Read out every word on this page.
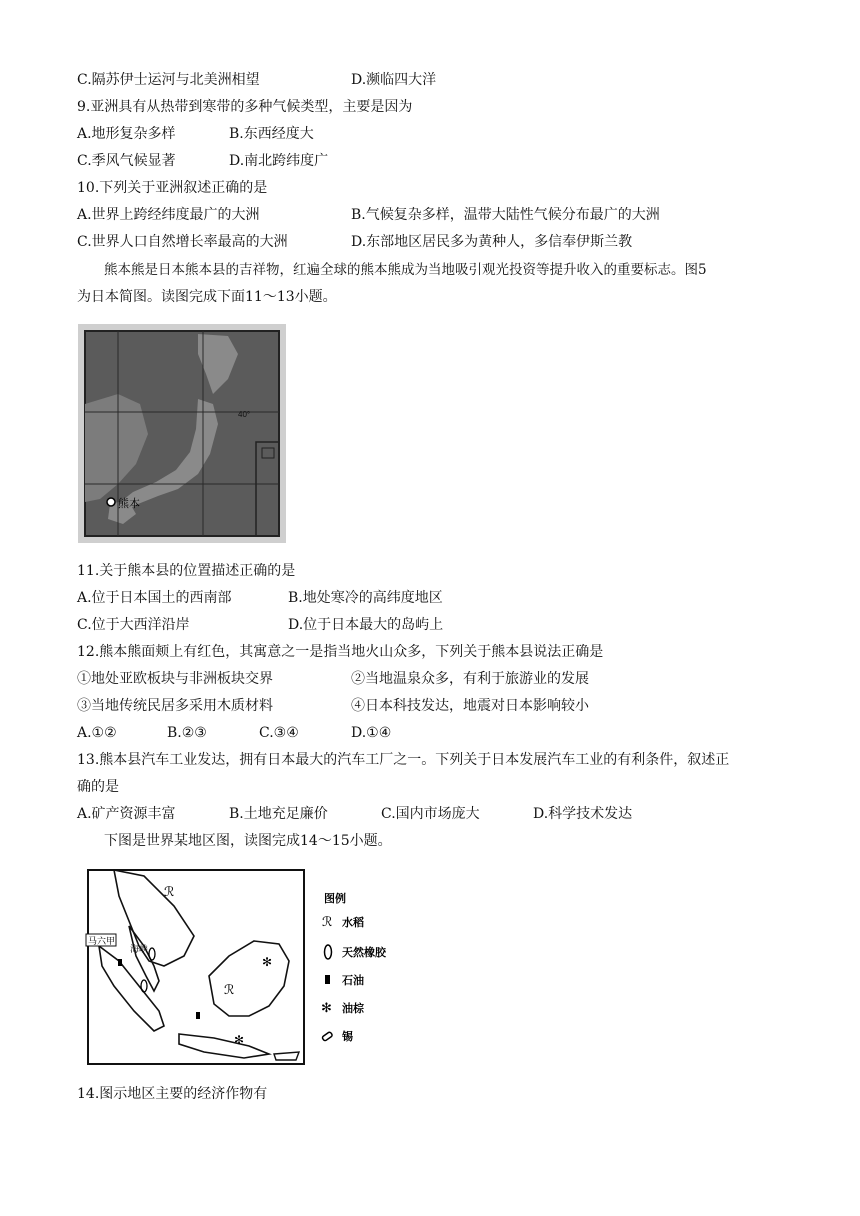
C.隔苏伊士运河与北美洲相望	D.濒临四大洋
9.亚洲具有从热带到寒带的多种气候类型，主要是因为
A.地形复杂多样	B.东西经度大
C.季风气候显著	D.南北跨纬度广
10.下列关于亚洲叙述正确的是
A.世界上跨经纬度最广的大洲	B.气候复杂多样，温带大陆性气候分布最广的大洲
C.世界人口自然增长率最高的大洲	D.东部地区居民多为黄种人，多信奉伊斯兰教
熊本熊是日本熊本县的吉祥物，红遍全球的熊本熊成为当地吸引观光投资等提升收入的重要标志。图5
为日本简图。读图完成下面11～13小题。
熊本
40°
11.关于熊本县的位置描述正确的是
A.位于日本国土的西南部	B.地处寒冷的高纬度地区
C.位于大西洋沿岸	D.位于日本最大的岛屿上
12.熊本熊面颊上有红色，其寓意之一是指当地火山众多，下列关于熊本县说法正确是
①地处亚欧板块与非洲板块交界	②当地温泉众多，有利于旅游业的发展
③当地传统民居多采用木质材料	④日本科技发达，地震对日本影响较小
A.①②	B.②③	C.③④	D.①④
13.熊本县汽车工业发达，拥有日本最大的汽车工厂之一。下列关于日本发展汽车工业的有利条件，叙述正
确的是
A.矿产资源丰富	B.土地充足廉价	C.国内市场庞大	D.科学技术发达
下图是世界某地区图，读图完成14～15小题。
马六甲
海峡
ℛ
✻
ℛ
✻
图例
ℛ 水稻
天然橡胶
石油
✻ 油棕
锡
14.图示地区主要的经济作物有
